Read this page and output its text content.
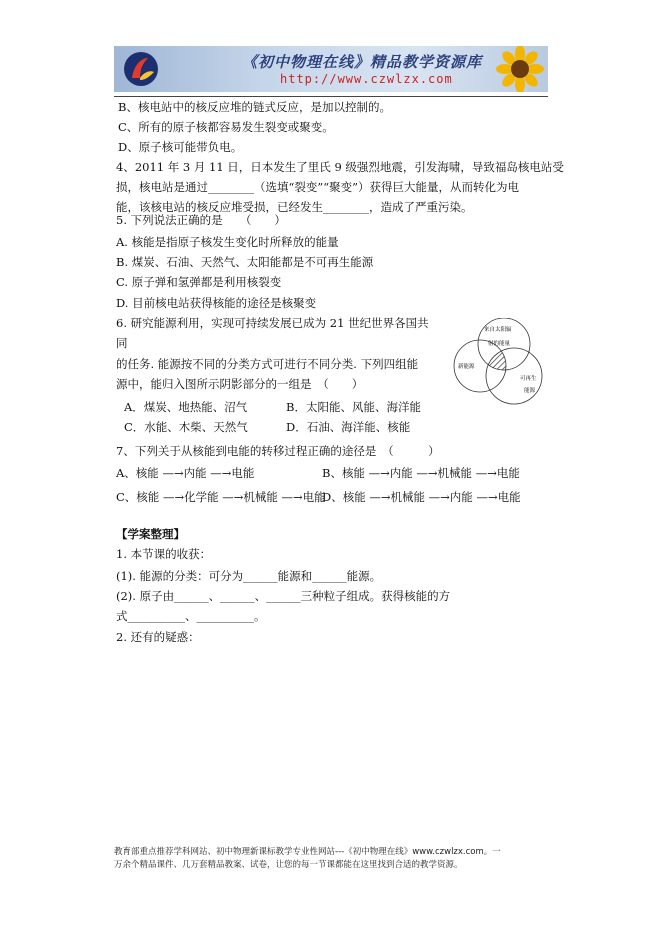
《初中物理在线》精品教学资源库
http://www.czwlzx.com
B、核电站中的核反应堆的链式反应，是加以控制的。
C、所有的原子核都容易发生裂变或聚变。
D、原子核可能带负电。
4、2011 年 3 月 11 日，日本发生了里氏 9 级强烈地震，引发海啸，导致福岛核电站受
损，核电站是通过________（选填“裂变”“聚变”）获得巨大能量，从而转化为电
能，该核电站的核反应堆受损，已经发生________，造成了严重污染。
5. 下列说法正确的是　　（　　）
A. 核能是指原子核发生变化时所释放的能量
B. 煤炭、石油、天然气、太阳能都是不可再生能源
C. 原子弹和氢弹都是利用核裂变
D. 目前核电站获得核能的途径是核聚变
6. 研究能源利用，实现可持续发展已成为 21 世纪世界各国共
同
的任务. 能源按不同的分类方式可进行不同分类. 下列四组能
源中，能归入图所示阴影部分的一组是　（　　）
A．煤炭、地热能、沼气	B．太阳能、风能、海洋能
C．水能、木柴、天然气	D．石油、海洋能、核能
来自太阳辐
射的能量
新能源
可再生
能源
7、下列关于从核能到电能的转移过程正确的途径是　（　　　）
A、核能 —→内能 —→电能	B、核能 —→内能 —→机械能 —→电能
C、核能 —→化学能 —→机械能 —→电能
D、核能 —→机械能 —→内能 —→电能
【学案整理】
1. 本节课的收获：
(1). 能源的分类：可分为______能源和______能源。
(2). 原子由______、______、______三种粒子组成。获得核能的方
式__________、__________。
2. 还有的疑惑：
教育部重点推荐学科网站、初中物理新课标教学专业性网站---《初中物理在线》www.czwlzx.com。一
万余个精品课件、几万套精品教案、试卷，让您的每一节课都能在这里找到合适的教学资源。
